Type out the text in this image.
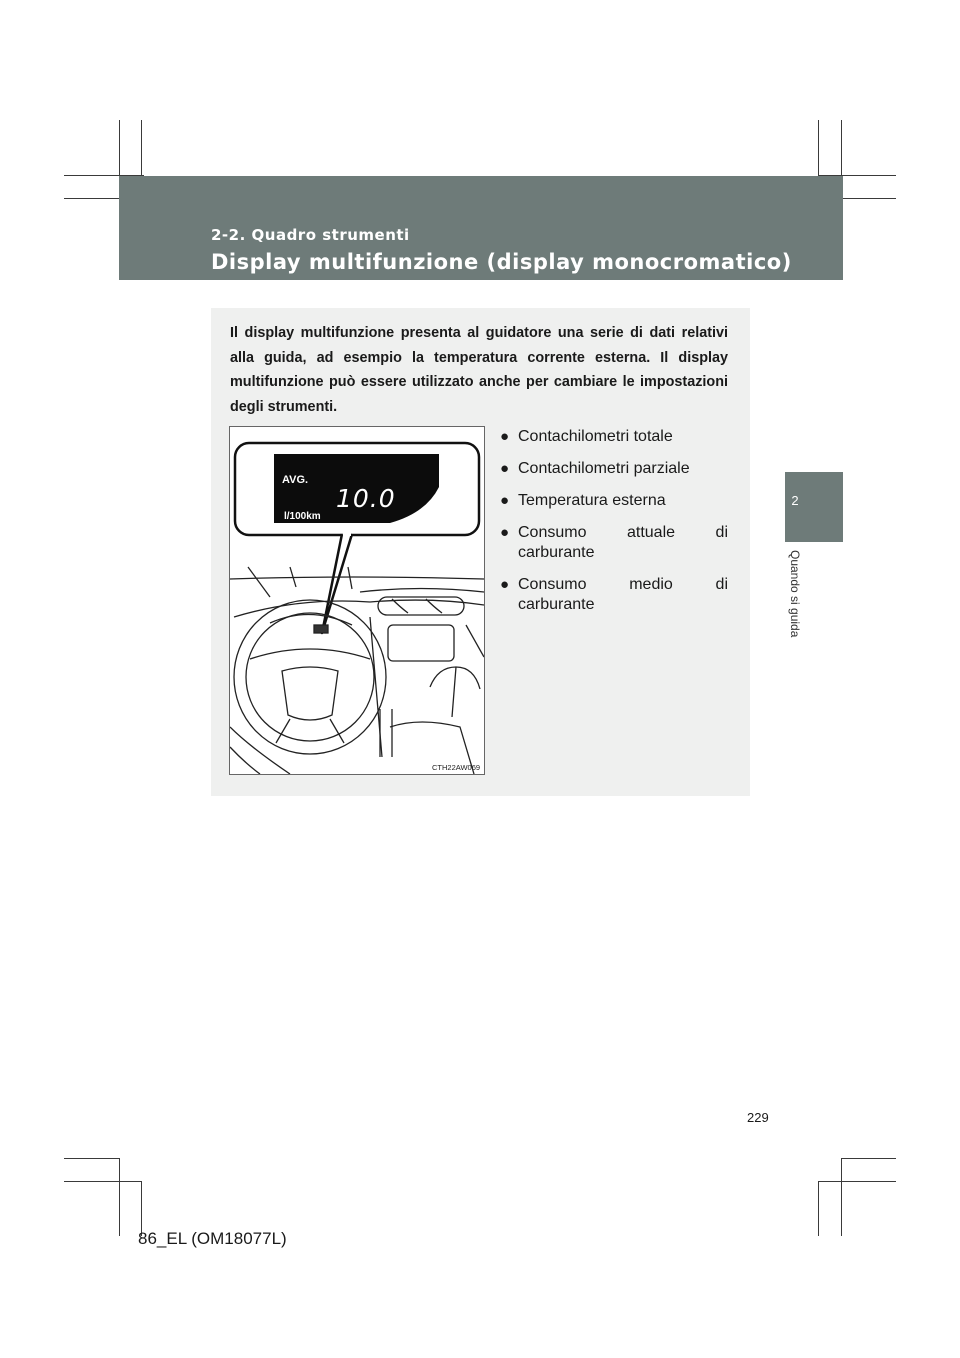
2-2. Quadro strumenti
Display multifunzione (display monocromatico)
2
Quando si guida

Il display multifunzione presenta al guidatore una serie di dati relativi alla guida, ad esempio la temperatura corrente esterna. Il display multifunzione può essere utilizzato anche per cambiare le impostazioni degli strumenti.

AVG.
10.0
l/100km
CTH22AW069
● Contachilometri totale
● Contachilometri parziale
● Temperatura esterna
● Consumo attuale di
carburante
● Consumo medio di
carburante
229
86_EL (OM18077L)
